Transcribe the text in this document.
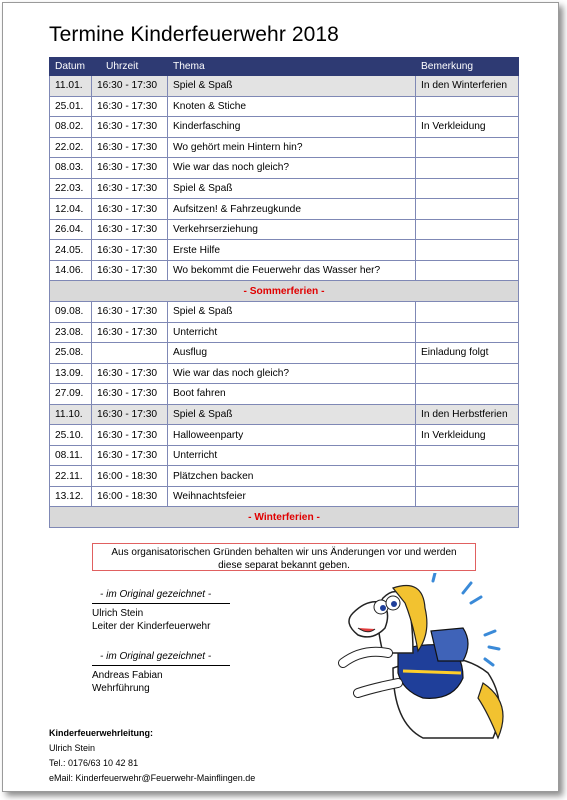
Termine Kinderfeuerwehr 2018
Datum	Uhrzeit	Thema	Bemerkung
11.01.	16:30 - 17:30	Spiel & Spaß	In den Winterferien
25.01.	16:30 - 17:30	Knoten & Stiche	
08.02.	16:30 - 17:30	Kinderfasching	In Verkleidung
22.02.	16:30 - 17:30	Wo gehört mein Hintern hin?	
08.03.	16:30 - 17:30	Wie war das noch gleich?	
22.03.	16:30 - 17:30	Spiel & Spaß	
12.04.	16:30 - 17:30	Aufsitzen! & Fahrzeugkunde	
26.04.	16:30 - 17:30	Verkehrserziehung	
24.05.	16:30 - 17:30	Erste Hilfe	
14.06.	16:30 - 17:30	Wo bekommt die Feuerwehr das Wasser her?	
- Sommerferien -			
09.08.	16:30 - 17:30	Spiel & Spaß	
23.08.	16:30 - 17:30	Unterricht	
25.08.		Ausflug	Einladung folgt
13.09.	16:30 - 17:30	Wie war das noch gleich?	
27.09.	16:30 - 17:30	Boot fahren	
11.10.	16:30 - 17:30	Spiel & Spaß	In den Herbstferien
25.10.	16:30 - 17:30	Halloweenparty	In Verkleidung
08.11.	16:30 - 17:30	Unterricht	
22.11.	16:00 - 18:30	Plätzchen backen	
13.12.	16:00 - 18:30	Weihnachtsfeier	
- Winterferien -			
Aus organisatorischen Gründen behalten wir uns Änderungen vor und werden
diese separat bekannt geben.
- im Original gezeichnet -
Ulrich Stein
Leiter der Kinderfeuerwehr
- im Original gezeichnet -
Andreas Fabian
Wehrführung
Kinderfeuerwehrleitung:
Ulrich Stein
Tel.: 0176/63 10 42 81
eMail: Kinderfeuerwehr@Feuerwehr-Mainflingen.de
